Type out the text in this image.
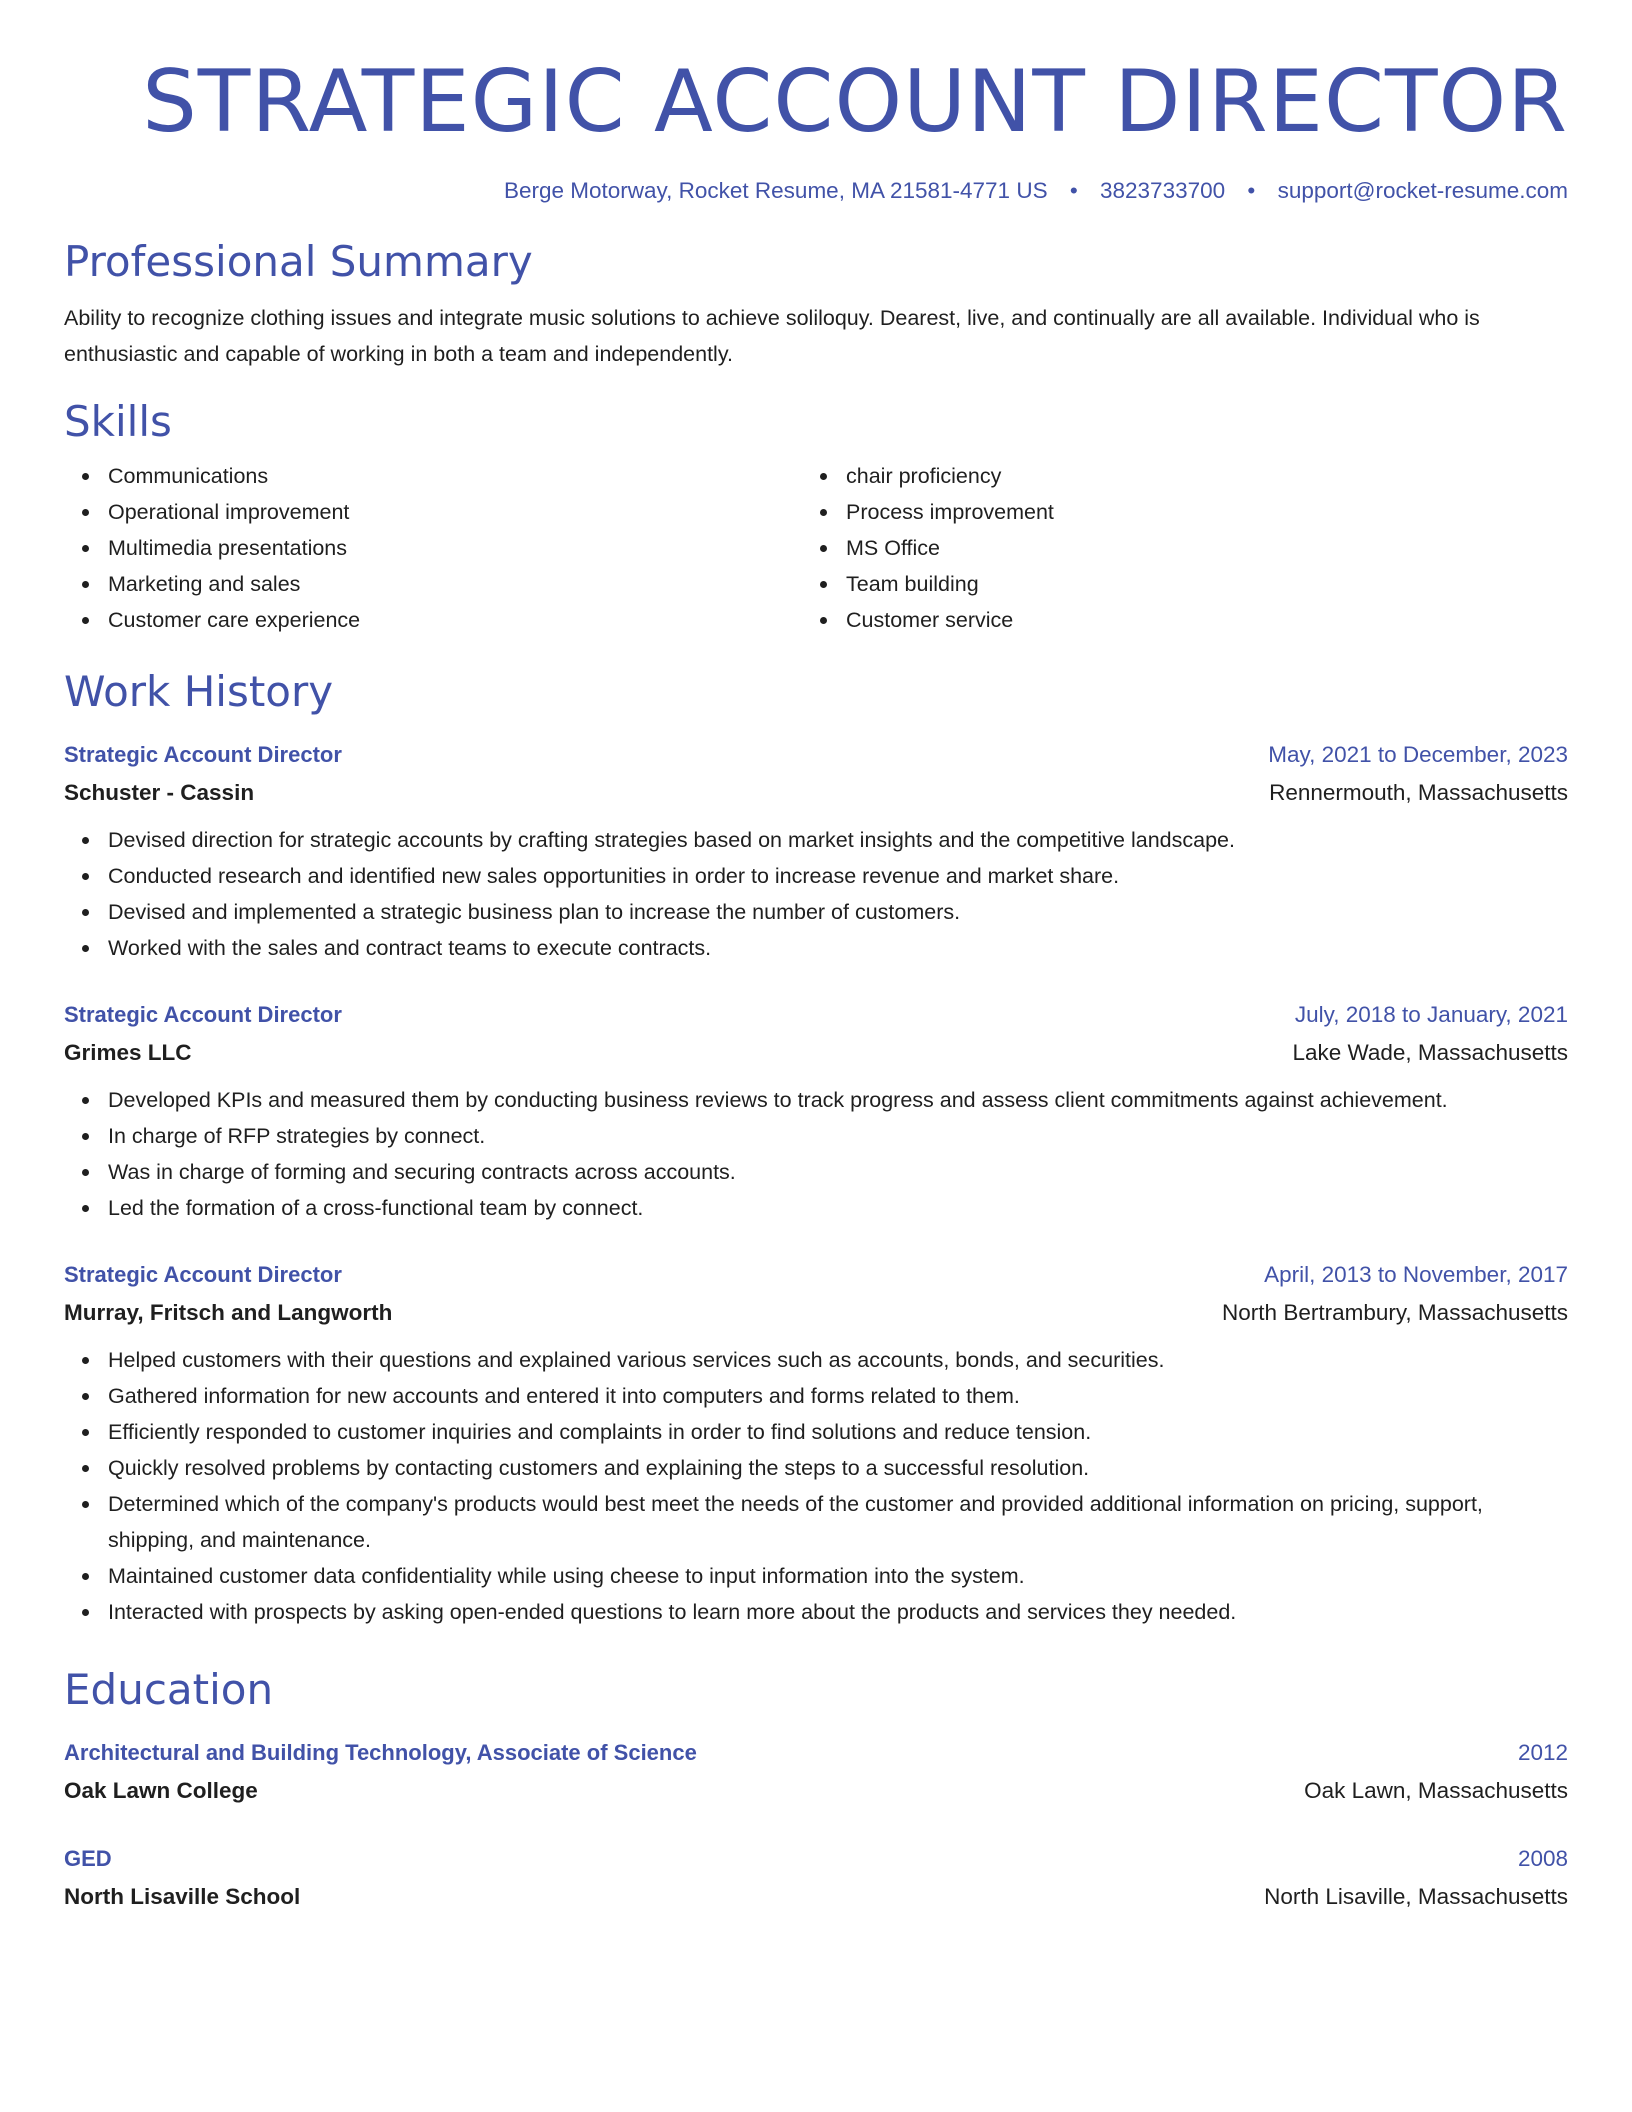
STRATEGIC ACCOUNT DIRECTOR
Berge Motorway, Rocket Resume, MA 21581-4771 US • 3823733700 • support@rocket-resume.com
Professional Summary

Ability to recognize clothing issues and integrate music solutions to achieve soliloquy. Dearest, live, and continually are all available. Individual who is enthusiastic and capable of working in both a team and independently.

Skills
Communications
Operational improvement
Multimedia presentations
Marketing and sales
Customer care experience
chair proficiency
Process improvement
MS Office
Team building
Customer service
Work History
Strategic Account Director	May, 2021 to December, 2023
Schuster - Cassin	Rennermouth, Massachusetts
Devised direction for strategic accounts by crafting strategies based on market insights and the competitive landscape.
Conducted research and identified new sales opportunities in order to increase revenue and market share.
Devised and implemented a strategic business plan to increase the number of customers.
Worked with the sales and contract teams to execute contracts.
Strategic Account Director	July, 2018 to January, 2021
Grimes LLC	Lake Wade, Massachusetts
Developed KPIs and measured them by conducting business reviews to track progress and assess client commitments against achievement.
In charge of RFP strategies by connect.
Was in charge of forming and securing contracts across accounts.
Led the formation of a cross-functional team by connect.
Strategic Account Director	April, 2013 to November, 2017
Murray, Fritsch and Langworth	North Bertrambury, Massachusetts
Helped customers with their questions and explained various services such as accounts, bonds, and securities.
Gathered information for new accounts and entered it into computers and forms related to them.
Efficiently responded to customer inquiries and complaints in order to find solutions and reduce tension.
Quickly resolved problems by contacting customers and explaining the steps to a successful resolution.
Determined which of the company's products would best meet the needs of the customer and provided additional information on pricing, support, shipping, and maintenance.
Maintained customer data confidentiality while using cheese to input information into the system.
Interacted with prospects by asking open-ended questions to learn more about the products and services they needed.
Education
Architectural and Building Technology, Associate of Science	2012
Oak Lawn College	Oak Lawn, Massachusetts
GED	2008
North Lisaville School	North Lisaville, Massachusetts
